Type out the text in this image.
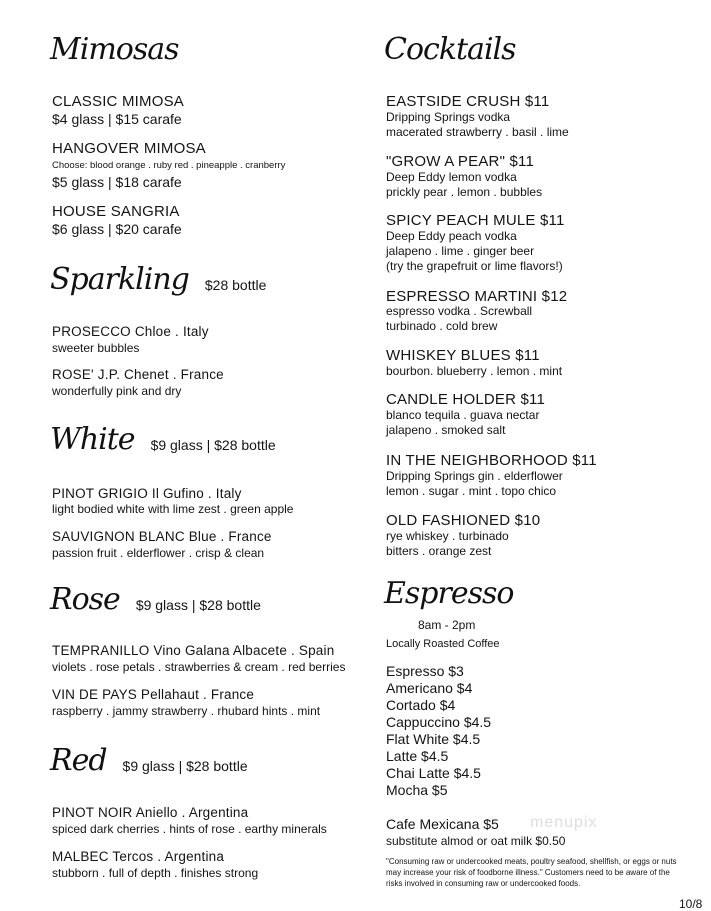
Mimosas
CLASSIC MIMOSA
$4 glass | $15 carafe
HANGOVER MIMOSA
Choose: blood orange . ruby red . pineapple . cranberry
$5 glass | $18 carafe
HOUSE SANGRIA
$6 glass | $20 carafe
Sparkling $28 bottle
PROSECCO Chloe . Italy
sweeter bubbles
ROSE' J.P. Chenet . France
wonderfully pink and dry
White $9 glass | $28 bottle
PINOT GRIGIO Il Gufino . Italy
light bodied white with lime zest . green apple
SAUVIGNON BLANC Blue . France
passion fruit . elderflower . crisp & clean
Rose $9 glass | $28 bottle
TEMPRANILLO Vino Galana Albacete . Spain
violets . rose petals . strawberries & cream . red berries
VIN DE PAYS Pellahaut . France
raspberry . jammy strawberry . rhubard hints . mint
Red $9 glass | $28 bottle
PINOT NOIR Aniello . Argentina
spiced dark cherries . hints of rose . earthy minerals
MALBEC Tercos . Argentina
stubborn . full of depth . finishes strong
Cocktails
EASTSIDE CRUSH $11
Dripping Springs vodka
macerated strawberry . basil . lime
"GROW A PEAR" $11
Deep Eddy lemon vodka
prickly pear . lemon . bubbles
SPICY PEACH MULE $11
Deep Eddy peach vodka
jalapeno . lime . ginger beer
(try the grapefruit or lime flavors!)
ESPRESSO MARTINI $12
espresso vodka . Screwball
turbinado . cold brew
WHISKEY BLUES $11
bourbon. blueberry . lemon . mint
CANDLE HOLDER $11
blanco tequila . guava nectar
jalapeno . smoked salt
IN THE NEIGHBORHOOD $11
Dripping Springs gin . elderflower
lemon . sugar . mint . topo chico
OLD FASHIONED $10
rye whiskey . turbinado
bitters . orange zest
Espresso
8am - 2pm
Locally Roasted Coffee
Espresso $3
Americano $4
Cortado $4
Cappuccino $4.5
Flat White $4.5
Latte $4.5
Chai Latte $4.5
Mocha $5
Cafe Mexicana $5 menupix
substitute almod or oat milk $0.50
"Consuming raw or undercooked meats, poultry seafood, shellfish, or eggs or nuts may increase your risk of foodborne illness." Customers need to be aware of the risks involved in consuming raw or undercooked foods.
10/8
